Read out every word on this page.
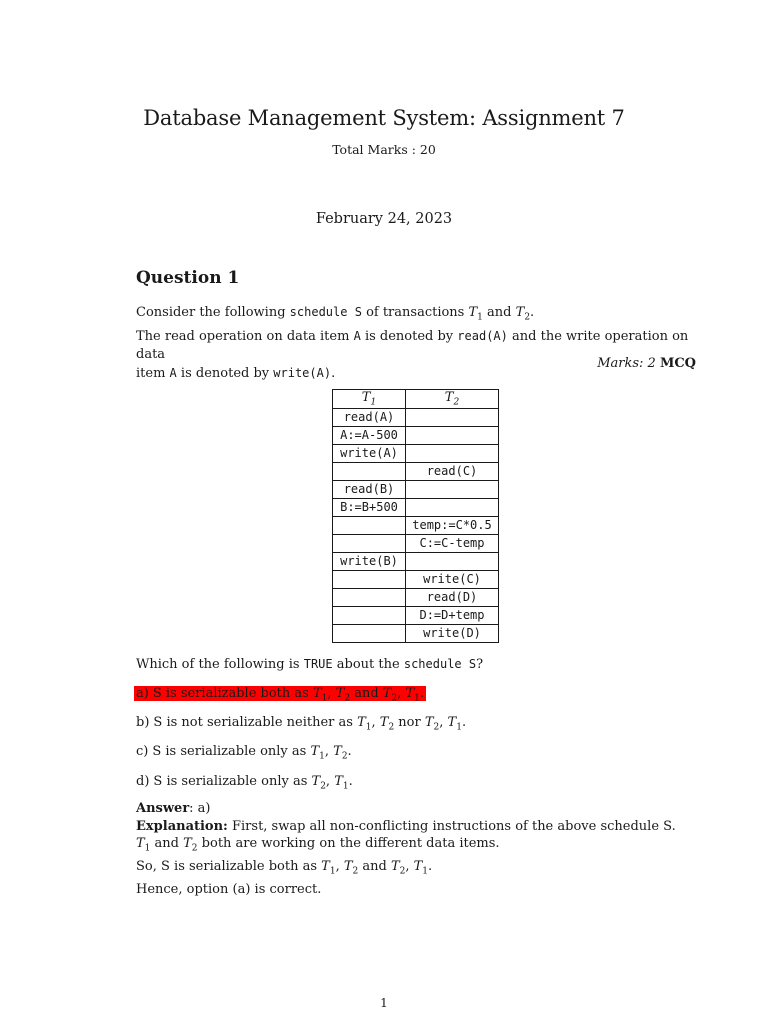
Database Management System: Assignment 7
Total Marks : 20
February 24, 2023
Question 1
Consider the following schedule S of transactions $T_1$ and $T_2$.
The read operation on data item A is denoted by read(A) and the write operation on data
item A is denoted by write(A).
Marks: 2 MCQ
$T_1$	$T_2$
read(A)	
A:=A-500	
write(A)	
	read(C)
read(B)	
B:=B+500	
	temp:=C*0.5
	C:=C-temp
write(B)	
	write(C)
	read(D)
	D:=D+temp
	write(D)
Which of the following is TRUE about the schedule S?
a) S is serializable both as $T_1$, $T_2$ and $T_2$, $T_1$.
b) S is not serializable neither as $T_1$, $T_2$ nor $T_2$, $T_1$.
c) S is serializable only as $T_1$, $T_2$.
d) S is serializable only as $T_2$, $T_1$.
Answer: a)
Explanation: First, swap all non-conflicting instructions of the above schedule S.
$T_1$ and $T_2$ both are working on the different data items.
So, S is serializable both as $T_1$, $T_2$ and $T_2$, $T_1$.
Hence, option (a) is correct.
1
